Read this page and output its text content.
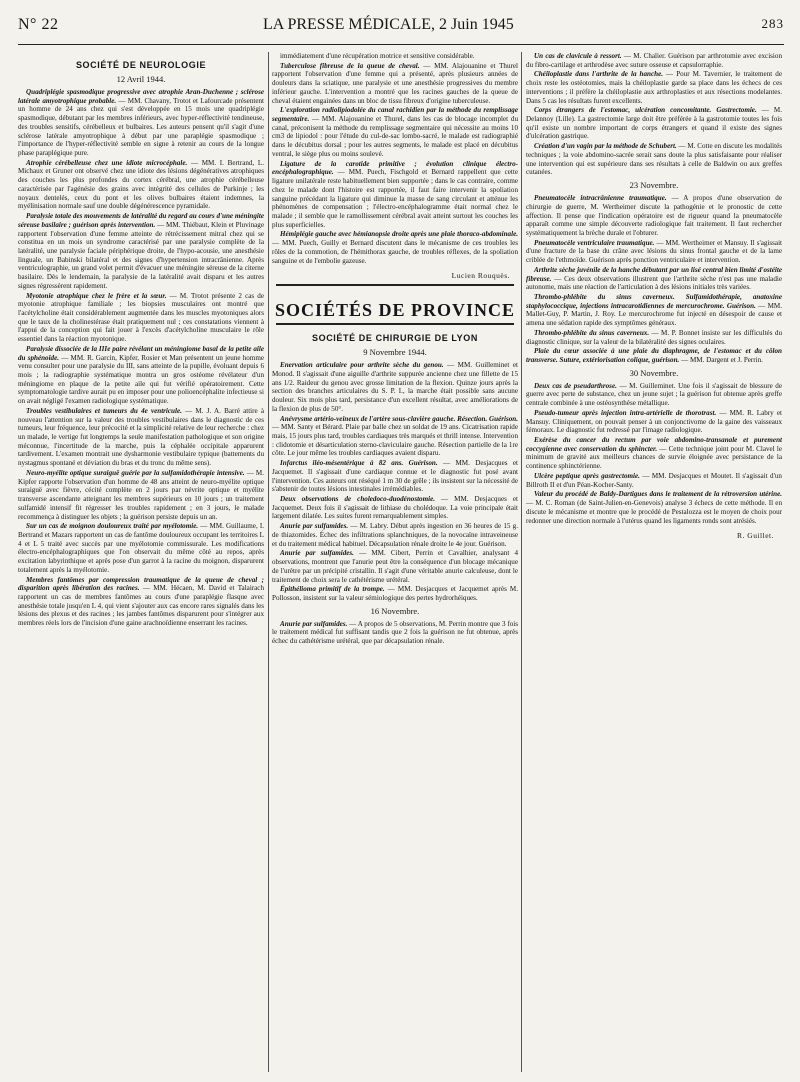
N° 22	LA PRESSE MÉDICALE, 2 Juin 1945	283
SOCIÉTÉ DE NEUROLOGIE
12 Avril 1944.

Quadriplégie spasmodique progressive avec atrophie Aran-Duchenne ; sclérose latérale amyotrophique probable. — MM. Chavany, Trotot et Lafourcade présentent un homme de 24 ans chez qui s'est développée en 15 mois une quadriplégie spasmodique, débutant par les membres inférieurs, avec hyper-réflectivité tendineuse, des troubles sensitifs, cérébelleux et bulbaires. Les auteurs pensent qu'il s'agit d'une sclérose latérale amyotrophique à début par une paraplégie spasmodique ; l'importance de l'hyper-réflectivité semble en signe à retenir au cours de la longue phase paraplégique pure.

Atrophie cérébelleuse chez une idiote microcéphale. — MM. I. Bertrand, L. Michaux et Gruner ont observé chez une idiote des lésions dégénératives atrophiques des couches les plus profondes du cortex cérébral, une atrophie cérébelleuse caractérisée par l'agénésie des grains avec intégrité des cellules de Purkinje ; les noyaux dentelés, ceux du pont et les olives bulbaires étaient indemnes, la myélinisation normale sauf une double dégénérescence pyramidale.

Paralysie totale des mouvements de latéralité du regard au cours d'une méningite séreuse basilaire ; guérison après intervention. — MM. Thiébaut, Klein et Pluvinage rapportent l'observation d'une femme atteinte de rétrécissement mitral chez qui se constitua en un mois un syndrome caractérisé par une paralysie complète de la latéralité, une paralysie faciale périphérique droite, de l'hypo-acousie, une anesthésie linguale, un Babinski bilatéral et des signes d'hypertension intracrânienne. Après ventriculographie, un grand volet permit d'évacuer une méningite séreuse de la citerne basilaire. Dès le lendemain, la paralysie de la latéralité avait disparu et les autres signes régressèrent rapidement.

Myotonie atrophique chez le frère et la sœur. — M. Trotot présente 2 cas de myotonie atrophique familiale ; les biopsies musculaires ont montré que l'acétylcholine était considérablement augmentée dans les muscles myotoniques alors que le taux de la cholinestérase était pratiquement nul ; ces constatations viennent à l'appui de la conception qui fait jouer à l'excès d'acétylcholine musculaire le rôle essentiel dans la réaction myotonique.

Paralysie dissociée de la IIIe paire révélant un méningiome basal de la petite aile du sphénoïde. — MM. R. Garcin, Kipfer, Rosier et Man présentent un jeune homme venu consulter pour une paralysie du III, sans atteinte de la pupille, évoluant depuis 6 mois ; la radiographie systématique montra un gros ostéome révélateur d'un méningiome en plaque de la petite aile qui fut vérifié opératoirement. Cette symptomatologie tardive aurait pu en imposer pour une polioencéphalite infectieuse si on avait négligé l'examen radiologique systématique.

Troubles vestibulaires et tumeurs du 4e ventricule. — M. J. A. Barré attire à nouveau l'attention sur la valeur des troubles vestibulaires dans le diagnostic de ces tumeurs, leur fréquence, leur précocité et la simplicité relative de leur recherche : chez un malade, le vertige fut longtemps la seule manifestation pathologique et son origine méconnue, l'incertitude de la marche, puis la céphalée occipitale apparurent tardivement. L'examen montrait une dysharmonie vestibulaire typique (battements du nystagmus spontané et déviation du bras et du tronc du même sens).

Neuro-myélite optique suraiguë guérie par la sulfamidothérapie intensive. — M. Kipfer rapporte l'observation d'un homme de 48 ans atteint de neuro-myélite optique suraiguë avec fièvre, cécité complète en 2 jours par névrite optique et myélite transverse ascendante atteignant les membres supérieurs en 10 jours ; un traitement sulfamidé intensif fit régresser les troubles rapidement ; en 3 jours, le malade recommença à distinguer les objets ; la guérison persiste depuis un an.

Sur un cas de moignon douloureux traité par myélotomie. — MM. Guillaume, I. Bertrand et Mazars rapportent un cas de fantôme douloureux occupant les territoires L 4 et L 5 traité avec succès par une myélotomie commissurale. Les modifications électro-encéphalographiques que l'on observait du même côté au repos, après excitation labyrinthique et après pose d'un garrot à la racine du moignon, disparurent totalement après la myélotomie.

Membres fantômes par compression traumatique de la queue de cheval ; disparition après libération des racines. — MM. Hécaen, M. David et Talairach rapportent un cas de membres fantômes au cours d'une paraplégie flasque avec anesthésie totale jusqu'en L 4, qui vient s'ajouter aux cas encore rares signalés dans les lésions des plexus et des racines ; les jambes fantômes disparurent pour s'intégrer aux membres réels lors de l'incision d'une gaine arachnoïdienne enserrant les racines.

immédiatement d'une récupération motrice et sensitive considérable.

Tuberculose fibreuse de la queue de cheval. — MM. Alajouanine et Thurel rapportent l'observation d'une femme qui a présenté, après plusieurs années de douleurs dans la sciatique, une paralysie et une anesthésie progressives du membre inférieur gauche. L'intervention a montré que les racines gauches de la queue de cheval étaient engainées dans un bloc de tissu fibreux d'origine tuberculeuse.

L'exploration radiolipiodolée du canal rachidien par la méthode du remplissage segmentaire. — MM. Alajouanine et Thurel, dans les cas de blocage incomplet du canal, préconisent la méthode du remplissage segmentaire qui nécessite au moins 10 cm3 de lipiodol : pour l'étude du cul-de-sac lombo-sacré, le malade est radiographié dans le décubitus dorsal ; pour les autres segments, le malade est placé en décubitus ventral, le siège plus ou moins soulevé.

Ligature de la carotide primitive ; évolution clinique électro-encéphalographique. — MM. Puech, Fischgold et Bernard rappellent que cette ligature unilatérale reste habituellement bien supportée ; dans le cas contraire, comme chez le malade dont l'histoire est rapportée, il faut faire intervenir la spoliation sanguine précédant la ligature qui diminue la masse de sang circulant et atténue les phénomènes de compensation ; l'électro-encéphalogramme était normal chez le malade ; il semble que le ramollissement cérébral avait atteint surtout les couches les plus superficielles.

Hémiplégie gauche avec hémianopsie droite après une plaie thoraco-abdominale. — MM. Puech, Guilly et Bernard discutent dans le mécanisme de ces troubles les rôles de la commotion, de l'hémithorax gauche, de troubles réflexes, de la spoliation sanguine et de l'embolie gazeuse.

Lucien Rouquès.
SOCIÉTÉS DE PROVINCE
SOCIÉTÉ DE CHIRURGIE DE LYON
9 Novembre 1944.

Enervation articulaire pour arthrite sèche du genou. — MM. Guilleminet et Monod. Il s'agissait d'une aiguille d'arthrite suppurée ancienne chez une fillette de 15 ans 1/2. Raideur du genou avec grosse limitation de la flexion. Quinze jours après la section des branches articulaires du S. P. I., la marche était possible sans aucune douleur. Six mois plus tard, persistance d'un excellent résultat, avec améliorations de la flexion de plus de 50°.

Anévrysme artério-veineux de l'artère sous-clavière gauche. Résection. Guérison. — MM. Santy et Bérard. Plaie par balle chez un soldat de 19 ans. Cicatrisation rapide mais, 15 jours plus tard, troubles cardiaques très marqués et thrill intense. Intervention : clidotomie et désarticulation sterno-claviculaire gauche. Résection partielle de la 1re côte. Le jour même les troubles cardiaques avaient disparu.

Infarctus iléo-mésentérique à 82 ans. Guérison. — MM. Desjacques et Jacquemet. Il s'agissait d'une cardiaque connue et le diagnostic fut posé avant l'intervention. Ces auteurs ont réséqué 1 m 30 de grêle ; ils insistent sur la nécessité de s'abstenir de toutes lésions intestinales irrémédiables.

Deux observations de choledoco-duodénostomie. — MM. Desjacques et Jacquemet. Deux fois il s'agissait de lithiase du cholédoque. La voie principale était largement dilatée. Les suites furent remarquablement simples.

Anurie par sulfamides. — M. Labry. Début après ingestion en 36 heures de 15 g. de thiazomides. Échec des infiltrations splanchniques, de la novocaïne intraveineuse et du traitement médical habituel. Décapsulation rénale droite le 4e jour. Guérison.

Anurie par sulfamides. — MM. Cibert, Perrin et Cavalhier, analysant 4 observations, montrent que l'anurie peut être la conséquence d'un blocage mécanique de l'urètre par un précipité cristallin. Il s'agit d'une véritable anurie calculeuse, dont le traitement de choix sera le cathétérisme urétéral.

Épithélioma primitif de la trompe. — MM. Desjacques et Jacquemet après M. Pollosson, insistent sur la valeur sémiologique des pertes hydrorhéiques.

16 Novembre.

Anurie par sulfamides. — A propos de 5 observations, M. Perrin montre que 3 fois le traitement médical fut suffisant tandis que 2 fois la guérison ne fut obtenue, après échec du cathétérisme urétéral, que par décapsulation rénale.

Un cas de clavicule à ressort. — M. Chalier. Guérison par arthrotomie avec excision du fibro-cartilage et arthrodèse avec suture osseuse et capsulorraphie.

Chéiloplastie dans l'arthrite de la hanche. — Pour M. Tavernier, le traitement de choix reste les ostéotomies, mais la chéiloplastie garde sa place dans les échecs de ces interventions ; il préfère la chéiloplastie aux arthroplasties et aux résections modelantes. Dans 5 cas les résultats furent excellents.

Corps étrangers de l'estomac, ulcération concomitante. Gastrectomie. — M. Delannoy (Lille). La gastrectomie large doit être préférée à la gastrotomie toutes les fois qu'il existe un nombre important de corps étrangers et quand il existe des signes d'ulcération gastrique.

Création d'un vagin par la méthode de Schubert. — M. Cotte en discute les modalités techniques ; la voie abdomino-sacrée serait sans doute la plus satisfaisante pour réaliser une intervention qui est supérieure dans ses résultats à celle de Baldwin ou aux greffes cutanées.

23 Novembre.

Pneumatocèle intracrânienne traumatique. — A propos d'une observation de chirurgie de guerre, M. Wertheimer discute la pathogénie et le pronostic de cette affection. Il pense que l'indication opératoire est de rigueur quand la pneumatocèle apparaît comme une simple découverte radiologique fait traitement. Il faut rechercher systématiquement la brèche durale et l'obturer.

Pneumatocèle ventriculaire traumatique. — MM. Wertheimer et Mansuy. Il s'agissait d'une fracture de la base du crâne avec lésions du sinus frontal gauche et de la lame criblée de l'ethmoïde. Guérison après ponction ventriculaire et intervention.

Arthrite sèche juvénile de la hanche débutant par un lisé central bien limité d'ostéite fibreuse. — Ces deux observations illustrent que l'arthrite sèche n'est pas une maladie autonome, mais une réaction de l'articulation à des lésions initiales très variées.

Thrombo-phlébite du sinus caverneux. Sulfamidothérapie, anatoxine staphylococcique, injections intracarotidiennes de mercurochrome. Guérison. — MM. Mallet-Guy, P. Martin, J. Roy. Le mercurochrome fut injecté en désespoir de cause et amena une sédation rapide des symptômes généraux.

Thrombo-phlébite du sinus caverneux. — M. P. Bonnet insiste sur les difficultés du diagnostic clinique, sur la valeur de la bilatéralité des signes oculaires.

Plaie du cœur associée à une plaie du diaphragme, de l'estomac et du côlon transverse. Suture, extériorisation colique, guérison. — MM. Dargent et J. Perrin.

30 Novembre.

Deux cas de pseudarthrose. — M. Guilleminet. Une fois il s'agissait de blessure de guerre avec perte de substance, chez un jeune sujet ; la guérison fut obtenue après greffe centrale combinée à une ostéosynthèse métallique.

Pseudo-tumeur après injection intra-artérielle de thorotrast. — MM. R. Labry et Mansuy. Cliniquement, on pouvait penser à un conjonctivome de la gaine des vaisseaux fémoraux. Le diagnostic fut redressé par l'image radiologique.

Exérèse du cancer du rectum par voie abdomino-transanale et purement coccygienne avec conservation du sphincter. — Cette technique joint pour M. Clavel le minimum de gravité aux meilleurs chances de survie éloignée avec persistance de la continence sphinctérienne.

Ulcère peptique après gastrectomie. — MM. Desjacques et Moutet. Il s'agissait d'un Billroth II et d'un Péan-Kocher-Santy.

Valeur du procédé de Baldy-Dartigues dans le traitement de la rétroversion utérine. — M. C. Roman (de Saint-Julien-en-Genevois) analyse 3 échecs de cette méthode. Il en discute le mécanisme et montre que le procédé de Pestalozza est le moyen de choix pour redonner une direction normale à l'utérus quand les ligaments ronds sont atrésiés.

R. Guillet.
